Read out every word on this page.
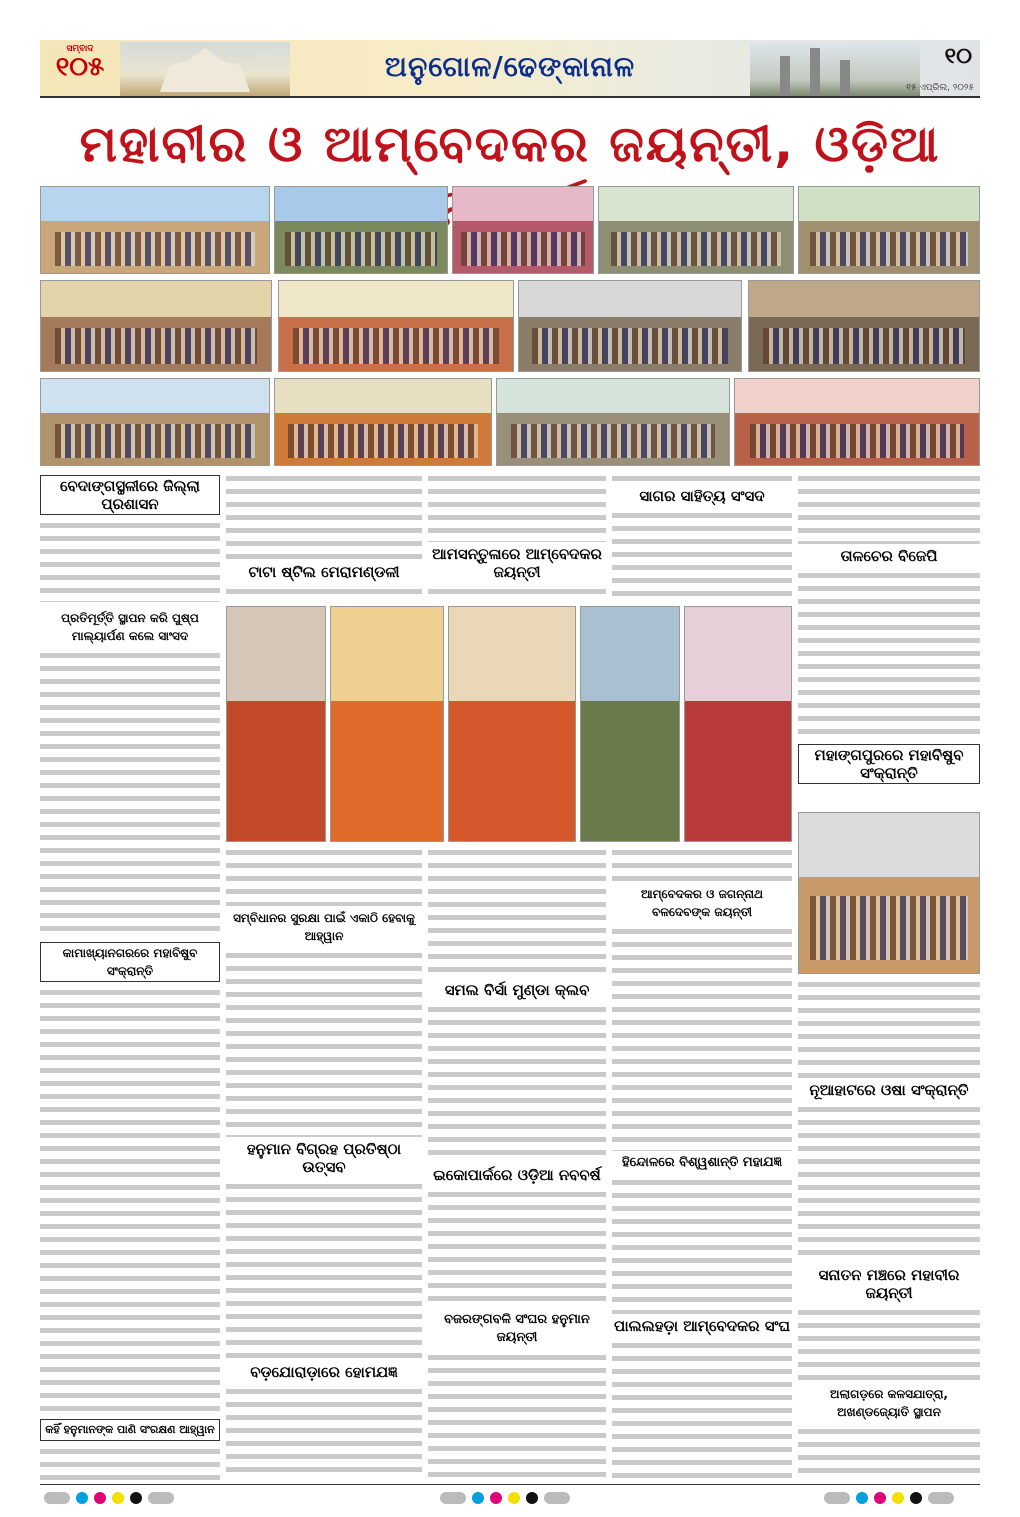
ସମ୍ବାଦ
୧୦୫	ଅନୁଗୋଳ/ଢେଙ୍କାନାଳ	୧୦
୧୫ ଏପ୍ରିଲ, ୨୦୨୫
ମହାବୀର ଓ ଆମ୍ବେଦକର ଜୟନ୍ତୀ, ଓଡ଼ିଆ
ବେଦାଙ୍ଗସ୍ଥଳୀରେ ଜିଲ୍ଲା ପ୍ରଶାସନ
ଟାଟା ଷ୍ଟିଲ ମେରାମଣ୍ଡଳୀ
ଆମସନ୍ତୁଳାରେ ଆମ୍ବେଦକର ଜୟନ୍ତୀ
ସାଗର ସାହିତ୍ୟ ସଂସଦ
ତାଳଚେର ବିଜେପି
ମହାଙ୍ଗପୁରରେ ମହାବିଷୁବ ସଂକ୍ରାନ୍ତି
ପ୍ରତିମୂର୍ତ୍ତି ସ୍ଥାପନ କରି ପୁଷ୍ପ ମାଲ୍ୟାର୍ପଣ କଲେ ସାଂସଦ
କାମାଖ୍ୟାନଗରରେ ମହାବିଷୁବ ସଂକ୍ରାନ୍ତି
କହିଁ ହନୁମାନଙ୍କ ପାଣି ସଂରକ୍ଷଣ ଆହ୍ୱାନ
ସମ୍ବିଧାନର ସୁରକ୍ଷା ପାଇଁ ଏକାଠି ହେବାକୁ ଆହ୍ୱାନ
ହନୁମାନ ବିଗ୍ରହ ପ୍ରତିଷ୍ଠା ଉତ୍ସବ
ବଡ଼ଯୋରାଡ଼ାରେ ହୋମଯଜ୍ଞ
ସମଲ ବିର୍ସା ମୁଣ୍ଡା କ୍ଲବ
ଇକୋପାର୍କରେ ଓଡ଼ିଆ ନବବର୍ଷ
ବଜରଙ୍ଗବଳି ସଂଘର ହନୁମାନ ଜୟନ୍ତୀ
ଆମ୍ବେଦକର ଓ ଜଗନ୍ନାଥ ବଳଦେବଙ୍କ ଜୟନ୍ତୀ
ହିନ୍ଦୋଳରେ ବିଶ୍ୱଶାନ୍ତି ମହାଯଜ୍ଞ
ପାଲଲହଡ଼ା ଆମ୍ବେଦକର ସଂଘ
ନୂଆହାଟରେ ଓଷା ସଂକ୍ରାନ୍ତି
ସନାତନ ମଞ୍ଚରେ ମହାବୀର ଜୟନ୍ତୀ
ଅଲାଗଡ଼ରେ କଳସଯାତ୍ରା, ଅଖଣ୍ଡଜ୍ୟୋତି ସ୍ଥାପନ
